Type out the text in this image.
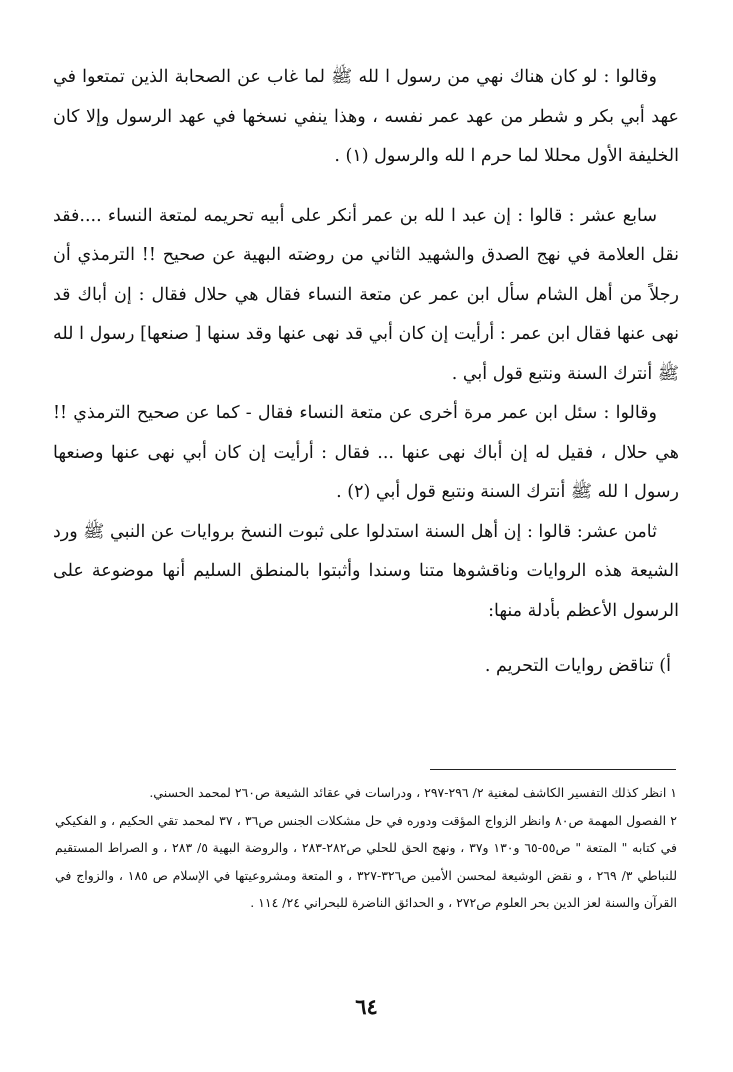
وقالوا : لو كان هناك نهي من رسول ا لله ﷺ لما غاب عن الصحابة الذين تمتعوا في عهد أبي بكر و شطر من عهد عمر نفسه ، وهذا ينفي نسخها في عهد الرسول وإلا كان الخليفة الأول محللا لما حرم ا لله والرسول (١) .

سابع عشر : قالوا : إن عبد ا لله بن عمر أنكر على أبيه تحريمه لمتعة النساء ....فقد نقل العلامة في نهج الصدق والشهيد الثاني من روضته البهية عن صحيح !! الترمذي أن رجلاً من أهل الشام سأل ابن عمر عن متعة النساء فقال هي حلال فقال : إن أباك قد نهى عنها فقال ابن عمر : أرأيت إن كان أبي قد نهى عنها وقد سنها [ صنعها] رسول ا لله ﷺ أنترك السنة ونتبع قول أبي .

وقالوا : سئل ابن عمر مرة أخرى عن متعة النساء فقال - كما عن صحيح الترمذي !! هي حلال ، فقيل له إن أباك نهى عنها ... فقال : أرأيت إن كان أبي نهى عنها وصنعها رسول ا لله ﷺ أنترك السنة ونتبع قول أبي (٢) .

ثامن عشر: قالوا : إن أهل السنة استدلوا على ثبوت النسخ بروايات عن النبي ﷺ ورد الشيعة هذه الروايات وناقشوها متنا وسندا وأثبتوا بالمنطق السليم أنها موضوعة على الرسول الأعظم بأدلة منها:

أ) تناقض روايات التحريم .

١ انظر كذلك التفسير الكاشف لمغنية ٢/ ٢٩٦-٢٩٧ ، ودراسات في عقائد الشيعة ص٢٦٠ لمحمد الحسني.

٢ الفصول المهمة ص٨٠ وانظر الزواج المؤقت ودوره في حل مشكلات الجنس ص٣٦ ، ٣٧ لمحمد تقي الحكيم ، و الفكيكي في كتابه " المتعة " ص٥٥-٦٥ و١٣٠ و٣٧ ، ونهج الحق للحلي ص٢٨٢-٢٨٣ ، والروضة البهية ٥/ ٢٨٣ ، و الصراط المستقيم للنباطي ٣/ ٢٦٩ ، و نقض الوشيعة لمحسن الأمين ص٣٢٦-٣٢٧ ، و المتعة ومشروعيتها في الإسلام ص ١٨٥ ، والزواج في القرآن والسنة لعز الدين بحر العلوم ص٢٧٢ ، و الحدائق الناضرة للبحراني ٢٤/ ١١٤ .

٦٤
